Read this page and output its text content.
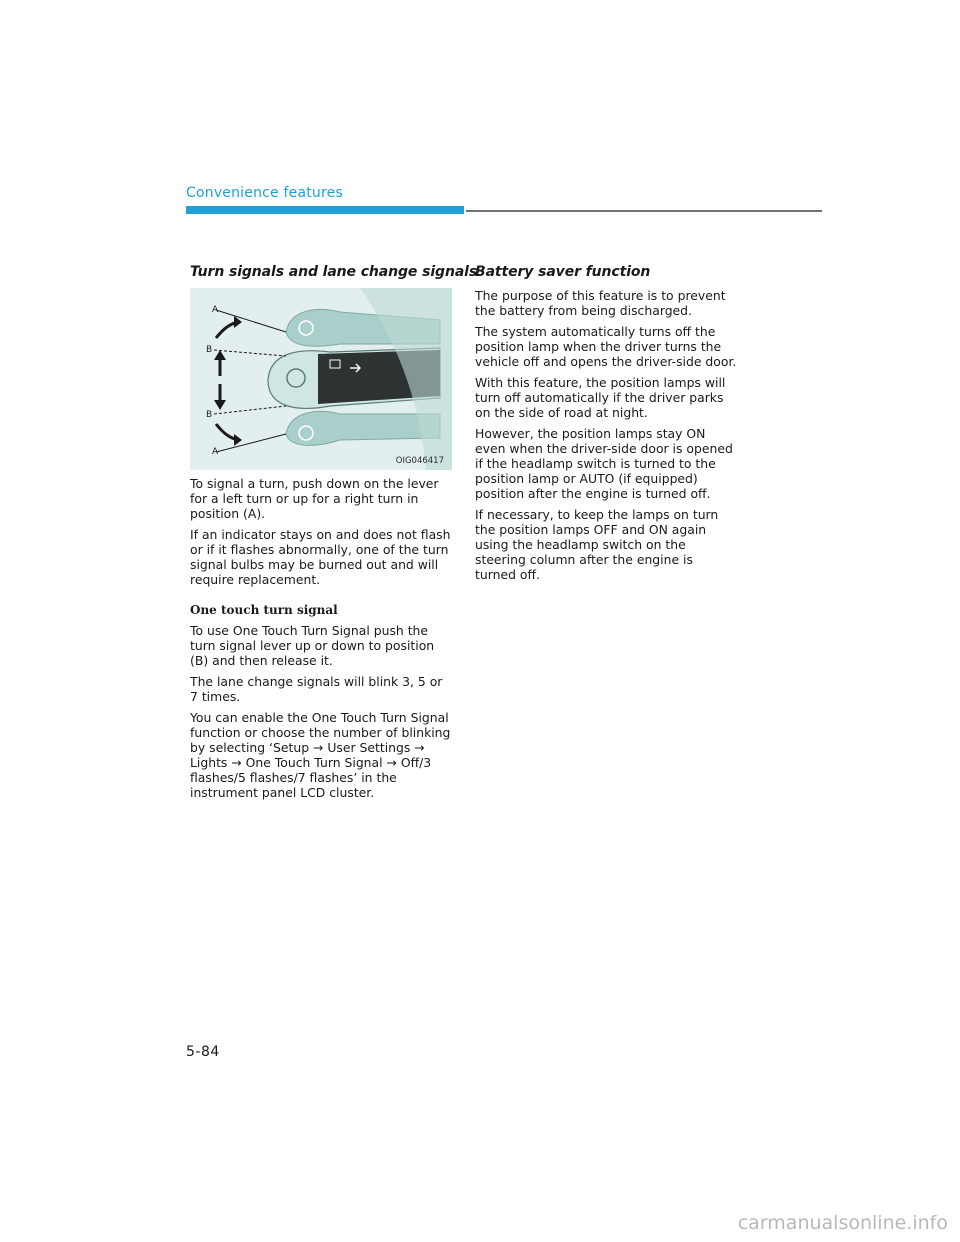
Convenience features
Turn signals and lane change signals
A
B
B
A
OIG046417

To signal a turn, push down on the lever for a left turn or up for a right turn in position (A).

If an indicator stays on and does not flash or if it flashes abnormally, one of the turn signal bulbs may be burned out and will require replacement.

One touch turn signal

To use One Touch Turn Signal push the turn signal lever up or down to position (B) and then release it.

The lane change signals will blink 3, 5 or 7 times.

You can enable the One Touch Turn Signal function or choose the number of blinking by selecting ‘Setup → User Settings → Lights → One Touch Turn Signal → Off/3 flashes/5 flashes/7 flashes’ in the instrument panel LCD cluster.

Battery saver function

The purpose of this feature is to prevent the battery from being discharged.

The system automatically turns off the position lamp when the driver turns the vehicle off and opens the driver-side door.

With this feature, the position lamps will turn off automatically if the driver parks on the side of road at night.

However, the position lamps stay ON even when the driver-side door is opened if the headlamp switch is turned to the position lamp or AUTO (if equipped) position after the engine is turned off.

If necessary, to keep the lamps on turn the position lamps OFF and ON again using the headlamp switch on the steering column after the engine is turned off.

5-84
carmanualsonline.info
